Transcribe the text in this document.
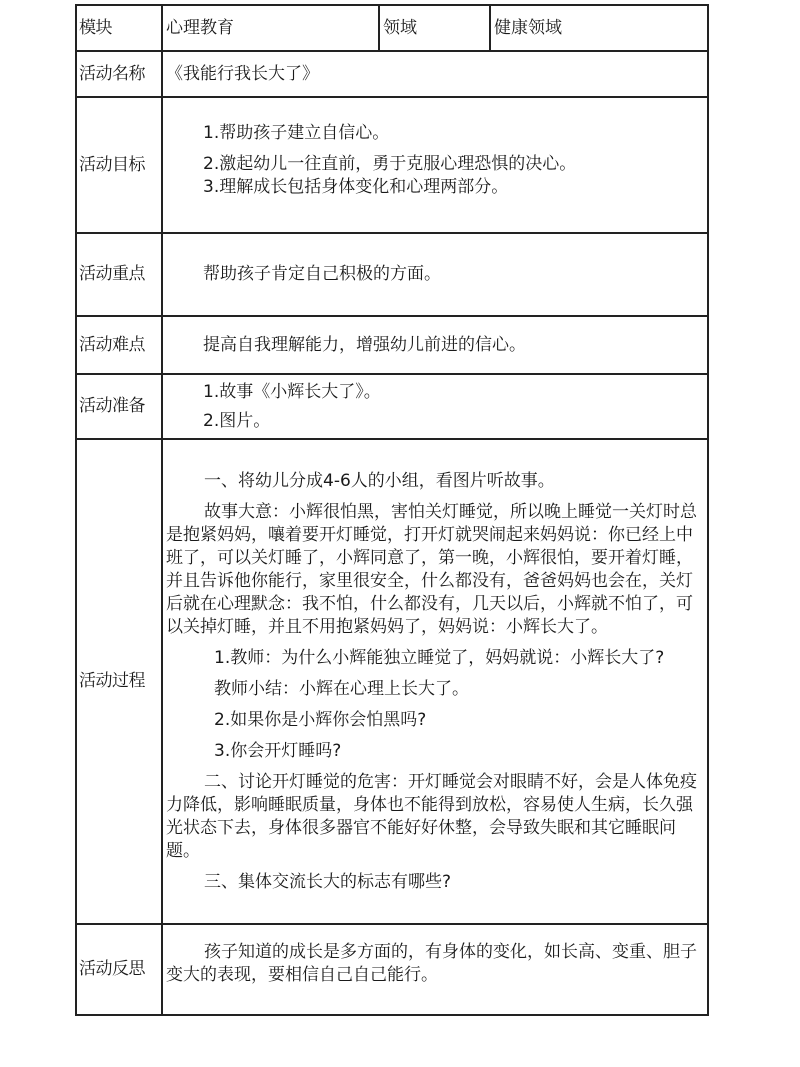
模块	心理教育	领域	健康领域
活动名称	《我能行我长大了》		
活动目标	1.帮助孩子建立自信心。

2.激起幼儿一往直前，勇于克服心理恐惧的决心。

3.理解成长包括身体变化和心理两部分。		

活动重点	帮助孩子肯定自己积极的方面。		
活动难点	提高自我理解能力，增强幼儿前进的信心。		
活动准备	1.故事《小辉长大了》。

2.图片。		

活动过程	

一、将幼儿分成4-6人的小组，看图片听故事。

故事大意：小辉很怕黑，害怕关灯睡觉，所以晚上睡觉一关灯时总是抱紧妈妈，嚷着要开灯睡觉，打开灯就哭闹起来妈妈说：你已经上中班了，可以关灯睡了，小辉同意了，第一晚，小辉很怕，要开着灯睡，并且告诉他你能行，家里很安全，什么都没有，爸爸妈妈也会在，关灯后就在心理默念：我不怕，什么都没有，几天以后，小辉就不怕了，可以关掉灯睡，并且不用抱紧妈妈了，妈妈说：小辉长大了。

1.教师：为什么小辉能独立睡觉了，妈妈就说：小辉长大了?

教师小结：小辉在心理上长大了。

2.如果你是小辉你会怕黑吗?

3.你会开灯睡吗?

二、讨论开灯睡觉的危害：开灯睡觉会对眼睛不好，会是人体免疫力降低，影响睡眠质量，身体也不能得到放松，容易使人生病，长久强光状态下去，身体很多器官不能好好休整，会导致失眠和其它睡眠问题。

三、集体交流长大的标志有哪些?

活动反思	孩子知道的成长是多方面的，有身体的变化，如长高、变重、胆子变大的表现，要相信自己自己能行。		
